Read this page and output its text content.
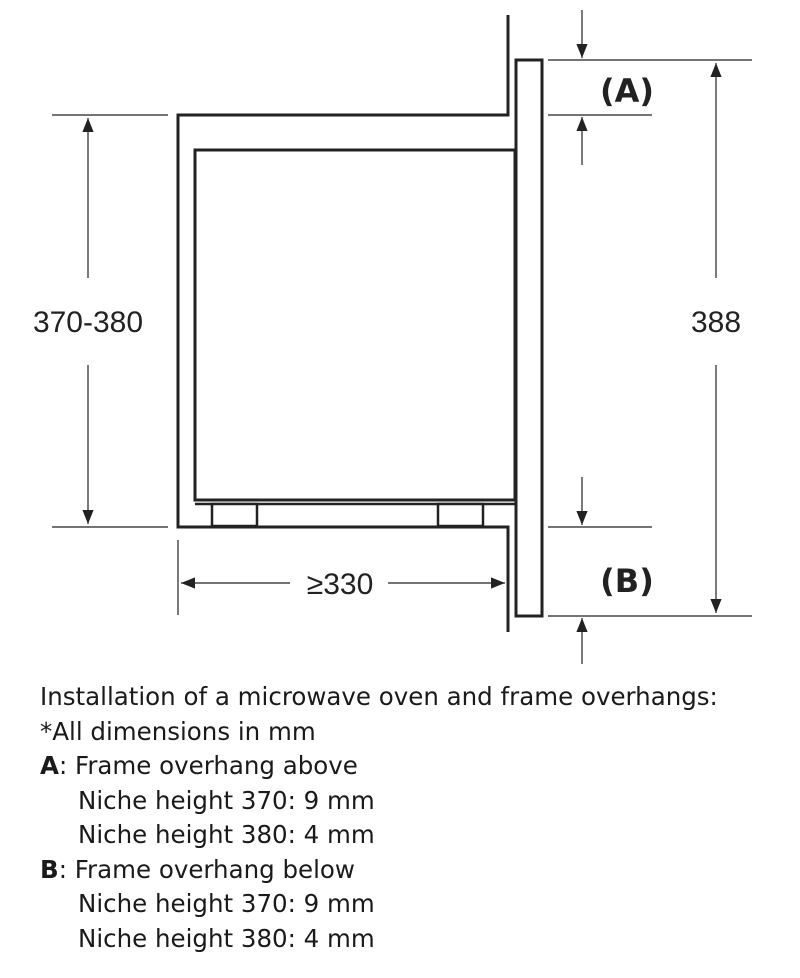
370-380
≥330
(A)
(B)
388
Installation of a microwave oven and frame overhangs:
*All dimensions in mm
A: Frame overhang above
Niche height 370: 9 mm
Niche height 380: 4 mm
B: Frame overhang below
Niche height 370: 9 mm
Niche height 380: 4 mm
